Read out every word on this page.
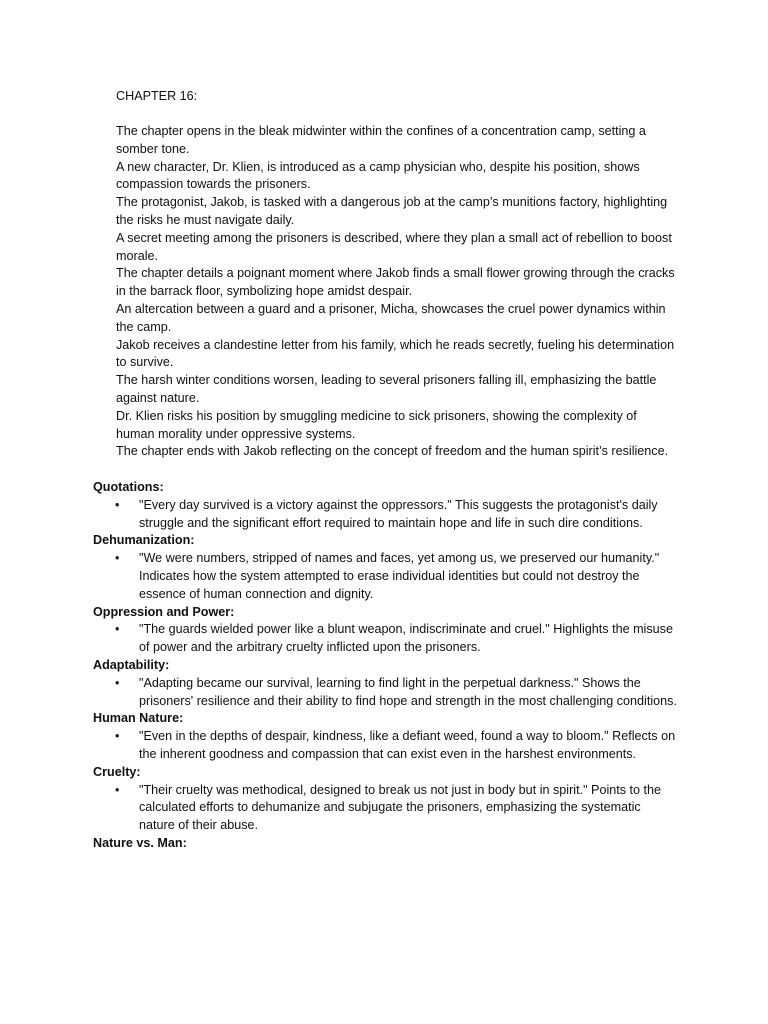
CHAPTER 16:
The chapter opens in the bleak midwinter within the confines of a concentration camp, setting a somber tone.
A new character, Dr. Klien, is introduced as a camp physician who, despite his position, shows compassion towards the prisoners.
The protagonist, Jakob, is tasked with a dangerous job at the camp’s munitions factory, highlighting the risks he must navigate daily.
A secret meeting among the prisoners is described, where they plan a small act of rebellion to boost morale.
The chapter details a poignant moment where Jakob finds a small flower growing through the cracks in the barrack floor, symbolizing hope amidst despair.
An altercation between a guard and a prisoner, Micha, showcases the cruel power dynamics within the camp.
Jakob receives a clandestine letter from his family, which he reads secretly, fueling his determination to survive.
The harsh winter conditions worsen, leading to several prisoners falling ill, emphasizing the battle against nature.
Dr. Klien risks his position by smuggling medicine to sick prisoners, showing the complexity of human morality under oppressive systems.
The chapter ends with Jakob reflecting on the concept of freedom and the human spirit’s resilience.
Quotations:
• "Every day survived is a victory against the oppressors." This suggests the protagonist's daily struggle and the significant effort required to maintain hope and life in such dire conditions.
Dehumanization:
• "We were numbers, stripped of names and faces, yet among us, we preserved our humanity." Indicates how the system attempted to erase individual identities but could not destroy the essence of human connection and dignity.
Oppression and Power:
• "The guards wielded power like a blunt weapon, indiscriminate and cruel." Highlights the misuse of power and the arbitrary cruelty inflicted upon the prisoners.
Adaptability:
• "Adapting became our survival, learning to find light in the perpetual darkness." Shows the prisoners' resilience and their ability to find hope and strength in the most challenging conditions.
Human Nature:
• "Even in the depths of despair, kindness, like a defiant weed, found a way to bloom." Reflects on the inherent goodness and compassion that can exist even in the harshest environments.
Cruelty:
• "Their cruelty was methodical, designed to break us not just in body but in spirit." Points to the calculated efforts to dehumanize and subjugate the prisoners, emphasizing the systematic nature of their abuse.
Nature vs. Man:
